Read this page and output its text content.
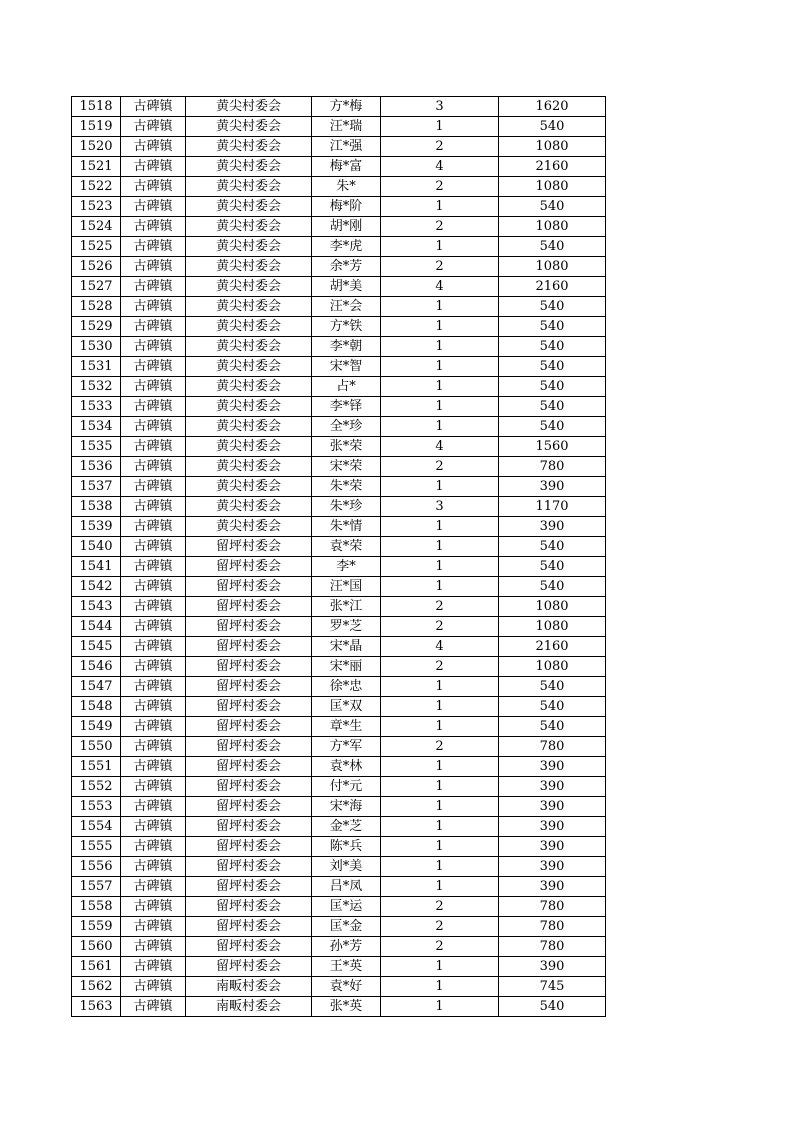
1518	古碑镇	黄尖村委会	方*梅	3	1620
1519	古碑镇	黄尖村委会	汪*瑞	1	540
1520	古碑镇	黄尖村委会	江*强	2	1080
1521	古碑镇	黄尖村委会	梅*富	4	2160
1522	古碑镇	黄尖村委会	朱*	2	1080
1523	古碑镇	黄尖村委会	梅*阶	1	540
1524	古碑镇	黄尖村委会	胡*刚	2	1080
1525	古碑镇	黄尖村委会	李*虎	1	540
1526	古碑镇	黄尖村委会	余*芳	2	1080
1527	古碑镇	黄尖村委会	胡*美	4	2160
1528	古碑镇	黄尖村委会	汪*会	1	540
1529	古碑镇	黄尖村委会	方*铁	1	540
1530	古碑镇	黄尖村委会	李*朝	1	540
1531	古碑镇	黄尖村委会	宋*智	1	540
1532	古碑镇	黄尖村委会	占*	1	540
1533	古碑镇	黄尖村委会	李*铎	1	540
1534	古碑镇	黄尖村委会	全*珍	1	540
1535	古碑镇	黄尖村委会	张*荣	4	1560
1536	古碑镇	黄尖村委会	宋*荣	2	780
1537	古碑镇	黄尖村委会	朱*荣	1	390
1538	古碑镇	黄尖村委会	朱*珍	3	1170
1539	古碑镇	黄尖村委会	朱*情	1	390
1540	古碑镇	留坪村委会	袁*荣	1	540
1541	古碑镇	留坪村委会	李*	1	540
1542	古碑镇	留坪村委会	汪*国	1	540
1543	古碑镇	留坪村委会	张*江	2	1080
1544	古碑镇	留坪村委会	罗*芝	2	1080
1545	古碑镇	留坪村委会	宋*晶	4	2160
1546	古碑镇	留坪村委会	宋*丽	2	1080
1547	古碑镇	留坪村委会	徐*忠	1	540
1548	古碑镇	留坪村委会	匡*双	1	540
1549	古碑镇	留坪村委会	章*生	1	540
1550	古碑镇	留坪村委会	方*军	2	780
1551	古碑镇	留坪村委会	袁*林	1	390
1552	古碑镇	留坪村委会	付*元	1	390
1553	古碑镇	留坪村委会	宋*海	1	390
1554	古碑镇	留坪村委会	金*芝	1	390
1555	古碑镇	留坪村委会	陈*兵	1	390
1556	古碑镇	留坪村委会	刘*美	1	390
1557	古碑镇	留坪村委会	吕*凤	1	390
1558	古碑镇	留坪村委会	匡*运	2	780
1559	古碑镇	留坪村委会	匡*金	2	780
1560	古碑镇	留坪村委会	孙*芳	2	780
1561	古碑镇	留坪村委会	王*英	1	390
1562	古碑镇	南畈村委会	袁*好	1	745
1563	古碑镇	南畈村委会	张*英	1	540
